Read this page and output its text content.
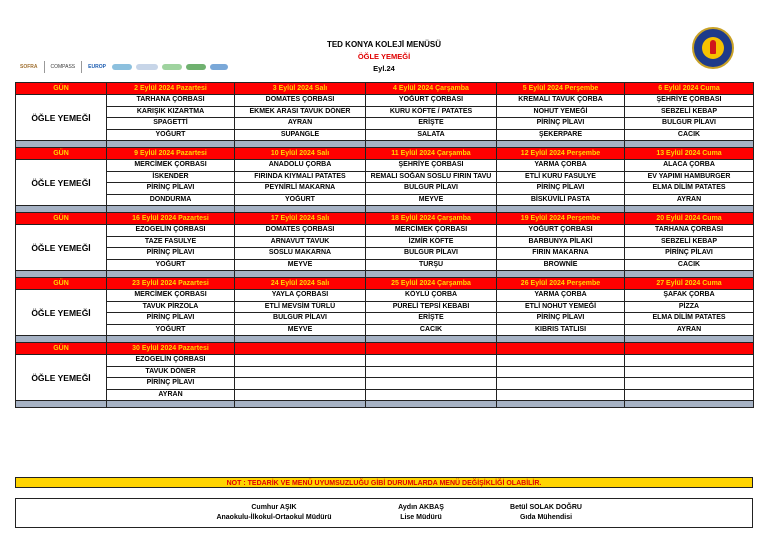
TED KONYA KOLEJİ MENÜSÜ
ÖĞLE YEMEĞİ
Eyl.24
SOFRA	COMPASS	EUROP
GÜN	2 Eylül 2024 Pazartesi	3 Eylül 2024 Salı	4 Eylül 2024 Çarşamba	5 Eylül 2024 Perşembe	6 Eylül 2024 Cuma
ÖĞLE YEMEĞİ	TARHANA ÇORBASI	DOMATES ÇORBASI	YOĞURT ÇORBASI	KREMALI TAVUK ÇORBA	ŞEHRİYE ÇORBASI
	KARIŞIK KIZARTMA	EKMEK ARASI TAVUK DÖNER	KURU KÖFTE / PATATES	NOHUT YEMEĞİ	SEBZELİ KEBAP
	SPAGETTİ	AYRAN	ERİŞTE	PİRİNÇ PİLAVI	BULGUR PİLAVI
	YOĞURT	SUPANGLE	SALATA	ŞEKERPARE	CACIK

GÜN	9 Eylül 2024 Pazartesi	10 Eylül 2024 Salı	11 Eylül 2024 Çarşamba	12 Eylül 2024 Perşembe	13 Eylül 2024 Cuma
ÖĞLE YEMEĞİ	MERCİMEK ÇORBASI	ANADOLU ÇORBA	ŞEHRİYE ÇORBASI	YARMA ÇORBA	ALACA ÇORBA
	İSKENDER	FIRINDA KIYMALI PATATES	REMALI SOĞAN SOSLU FIRIN TAVU	ETLİ KURU FASULYE	EV YAPIMI HAMBURGER
	PİRİNÇ PİLAVI	PEYNİRLİ MAKARNA	BULGUR PİLAVI	PİRİNÇ PİLAVI	ELMA DİLİM PATATES
	DONDURMA	YOĞURT	MEYVE	BİSKÜVİLİ PASTA	AYRAN

GÜN	16 Eylül 2024 Pazartesi	17 Eylül 2024 Salı	18 Eylül 2024 Çarşamba	19 Eylül 2024 Perşembe	20 Eylül 2024 Cuma
ÖĞLE YEMEĞİ	EZOGELİN ÇORBASI	DOMATES ÇORBASI	MERCİMEK ÇORBASI	YOĞURT ÇORBASI	TARHANA ÇORBASI
	TAZE FASULYE	ARNAVUT TAVUK	İZMİR KÖFTE	BARBUNYA PİLAKİ	SEBZELİ KEBAP
	PİRİNÇ PİLAVI	SOSLU MAKARNA	BULGUR PİLAVI	FIRIN MAKARNA	PİRİNÇ PİLAVI
	YOĞURT	MEYVE	TURŞU	BROWNİE	CACIK

GÜN	23 Eylül 2024 Pazartesi	24 Eylül 2024 Salı	25 Eylül 2024 Çarşamba	26 Eylül 2024 Perşembe	27 Eylül 2024 Cuma
ÖĞLE YEMEĞİ	MERCİMEK ÇORBASI	YAYLA ÇORBASI	KÖYLÜ ÇORBA	YARMA ÇORBA	ŞAFAK ÇORBA
	TAVUK PİRZOLA	ETLİ MEVSİM TÜRLÜ	PÜRELİ TEPSİ KEBABI	ETLİ NOHUT YEMEĞİ	PİZZA
	PİRİNÇ PİLAVI	BULGUR PİLAVI	ERİŞTE	PİRİNÇ PİLAVI	ELMA DİLİM PATATES
	YOĞURT	MEYVE	CACIK	KIBRIS TATLISI	AYRAN

GÜN	30 Eylül 2024 Pazartesi				
ÖĞLE YEMEĞİ	EZOGELİN ÇORBASI				
	TAVUK DÖNER				
	PİRİNÇ PİLAVI				
	AYRAN				

NOT : TEDARİK VE MENÜ UYUMSUZLUĞU GİBİ DURUMLARDA MENÜ DEĞİŞİKLİĞİ OLABİLİR.
Cumhur AŞIK
Anaokulu-İlkokul-Ortaokul Müdürü
Aydın AKBAŞ
Lise Müdürü
Betül SOLAK DOĞRU
Gıda Mühendisi
